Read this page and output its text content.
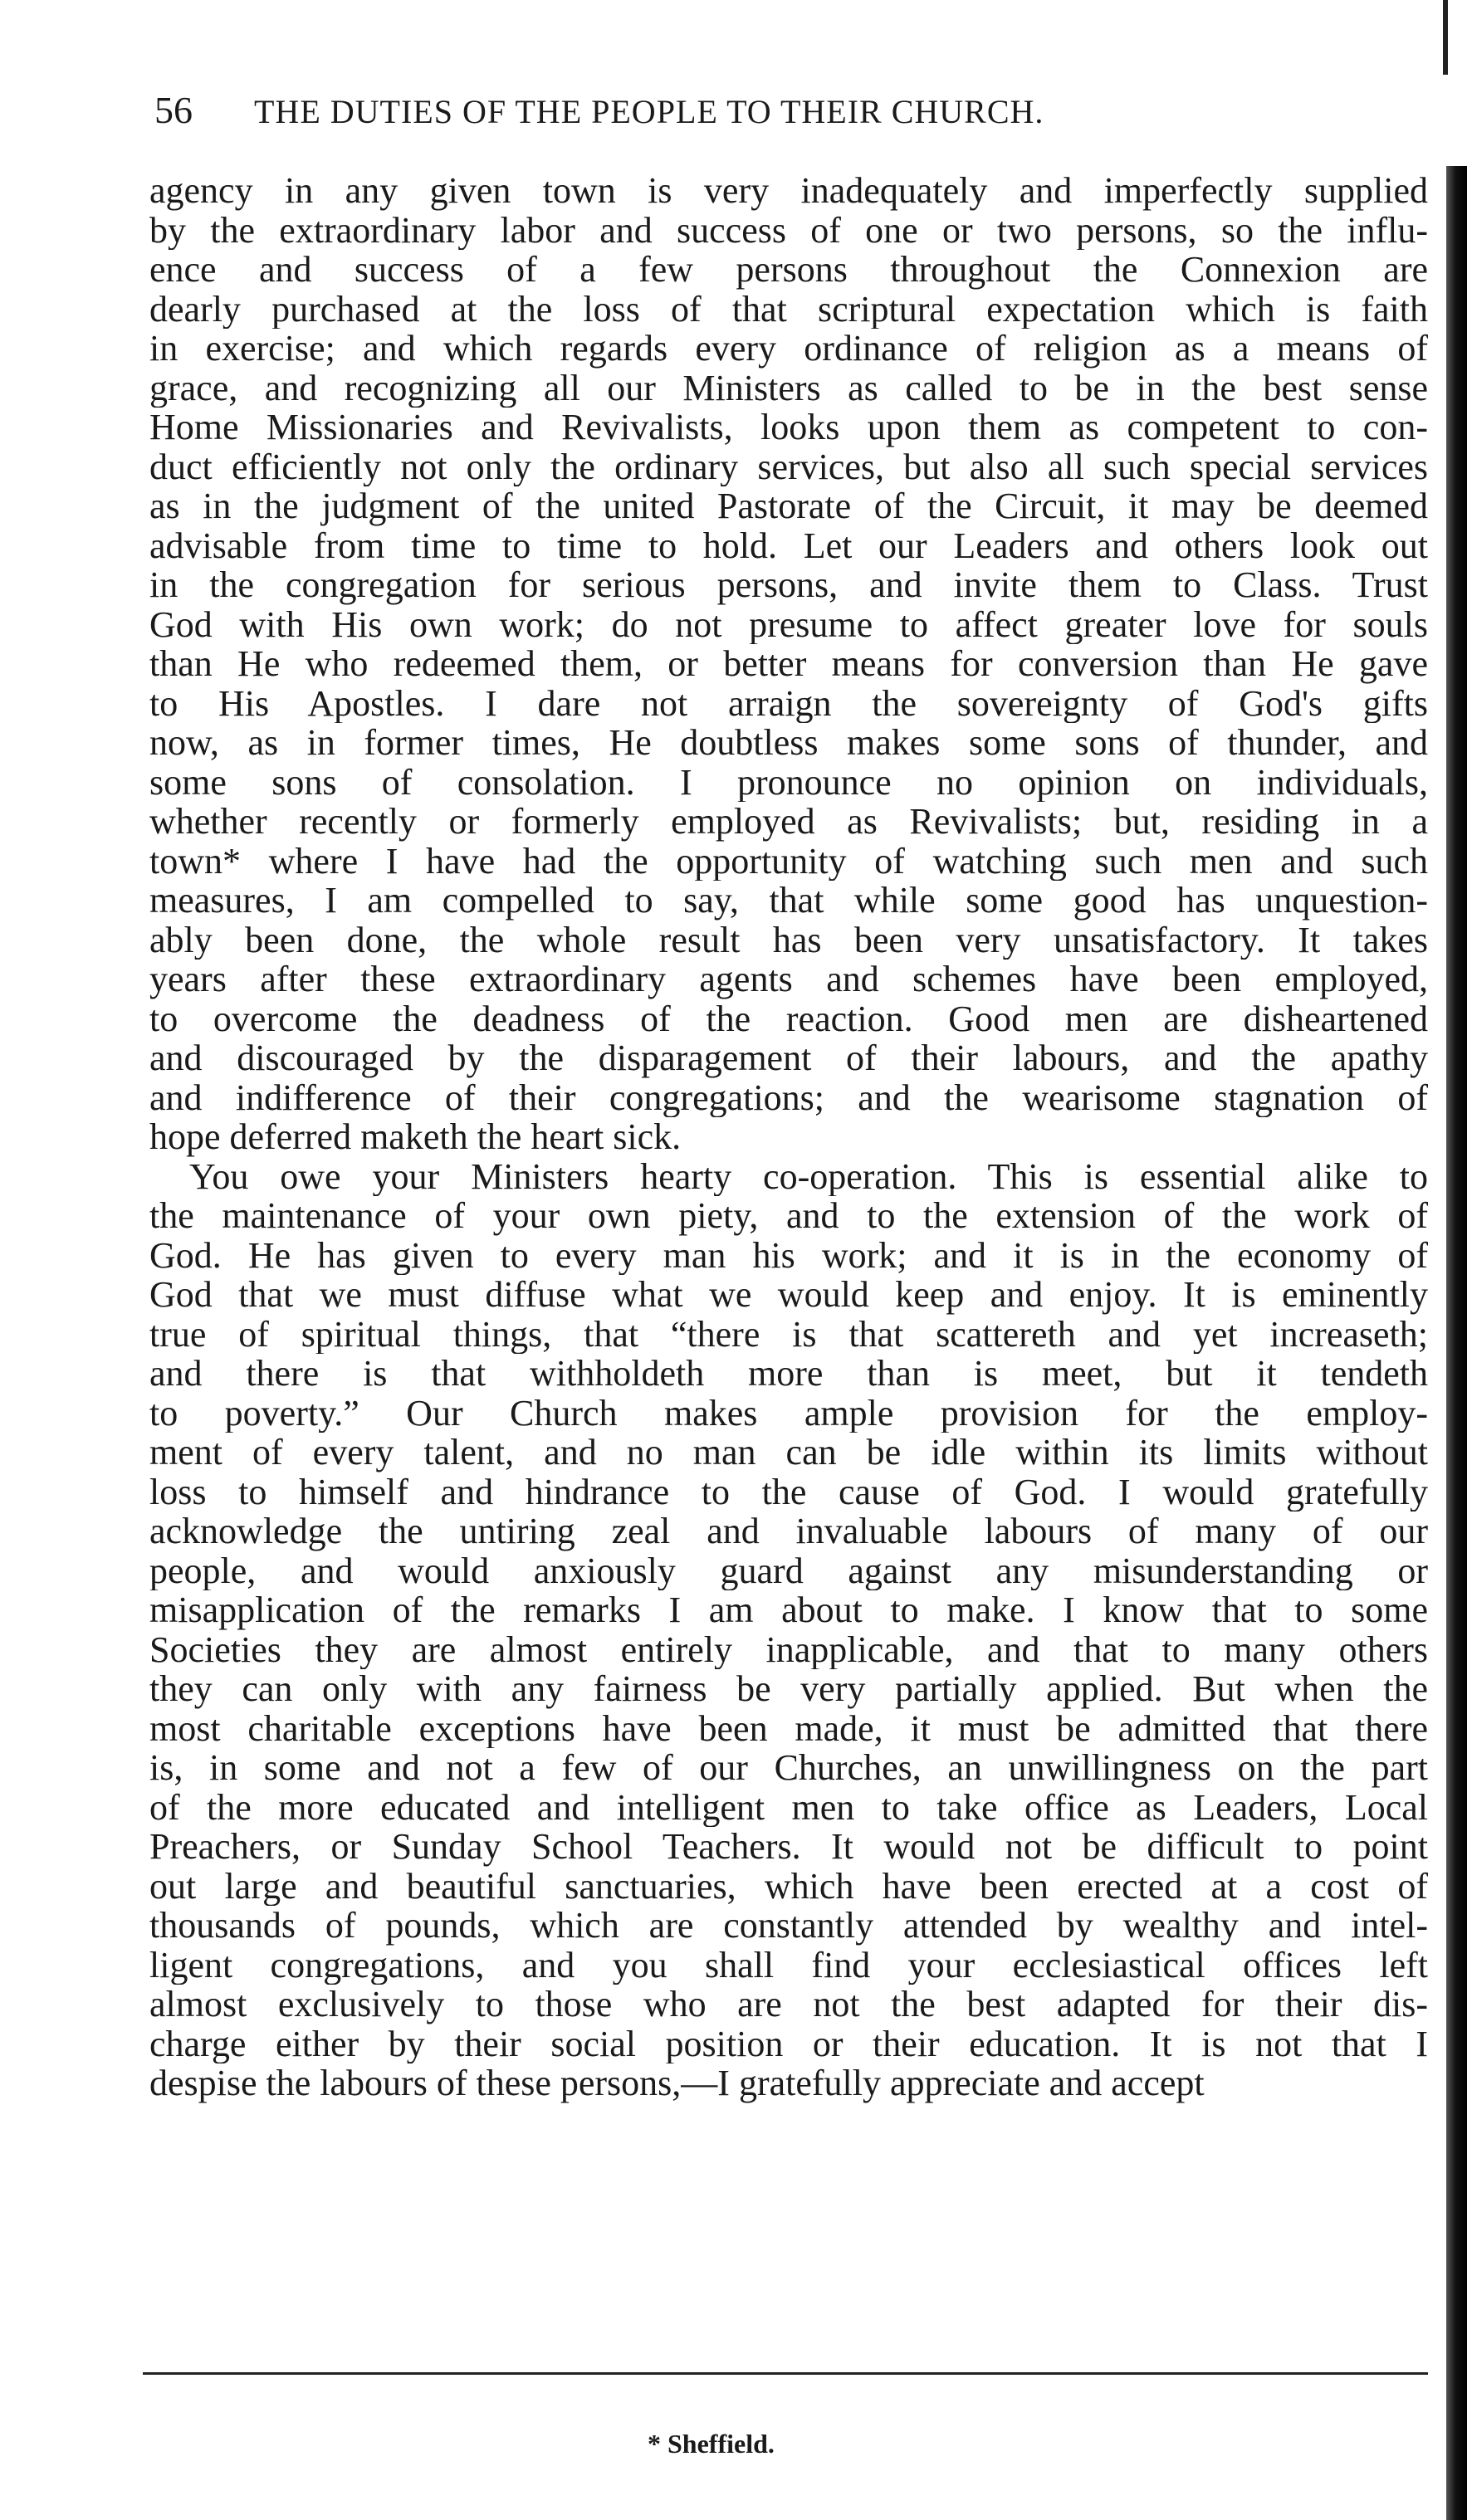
56	THE DUTIES OF THE PEOPLE TO THEIR CHURCH.
agency in any given town is very inadequately and imperfectly supplied
by the extraordinary labor and success of one or two persons, so the influ-
ence and success of a few persons throughout the Connexion are
dearly purchased at the loss of that scriptural expectation which is faith
in exercise; and which regards every ordinance of religion as a means of
grace, and recognizing all our Ministers as called to be in the best sense
Home Missionaries and Revivalists, looks upon them as competent to con-
duct efficiently not only the ordinary services, but also all such special services
as in the judgment of the united Pastorate of the Circuit, it may be deemed
advisable from time to time to hold. Let our Leaders and others look out
in the congregation for serious persons, and invite them to Class. Trust
God with His own work; do not presume to affect greater love for souls
than He who redeemed them, or better means for conversion than He gave
to His Apostles. I dare not arraign the sovereignty of God's gifts
now, as in former times, He doubtless makes some sons of thunder, and
some sons of consolation. I pronounce no opinion on individuals,
whether recently or formerly employed as Revivalists; but, residing in a
town* where I have had the opportunity of watching such men and such
measures, I am compelled to say, that while some good has unquestion-
ably been done, the whole result has been very unsatisfactory. It takes
years after these extraordinary agents and schemes have been employed,
to overcome the deadness of the reaction. Good men are disheartened
and discouraged by the disparagement of their labours, and the apathy
and indifference of their congregations; and the wearisome stagnation of
hope deferred maketh the heart sick.
You owe your Ministers hearty co-operation. This is essential alike to
the maintenance of your own piety, and to the extension of the work of
God. He has given to every man his work; and it is in the economy of
God that we must diffuse what we would keep and enjoy. It is eminently
true of spiritual things, that “there is that scattereth and yet increaseth;
and there is that withholdeth more than is meet, but it tendeth
to poverty.” Our Church makes ample provision for the employ-
ment of every talent, and no man can be idle within its limits without
loss to himself and hindrance to the cause of God. I would gratefully
acknowledge the untiring zeal and invaluable labours of many of our
people, and would anxiously guard against any misunderstanding or
misapplication of the remarks I am about to make. I know that to some
Societies they are almost entirely inapplicable, and that to many others
they can only with any fairness be very partially applied. But when the
most charitable exceptions have been made, it must be admitted that there
is, in some and not a few of our Churches, an unwillingness on the part
of the more educated and intelligent men to take office as Leaders, Local
Preachers, or Sunday School Teachers. It would not be difficult to point
out large and beautiful sanctuaries, which have been erected at a cost of
thousands of pounds, which are constantly attended by wealthy and intel-
ligent congregations, and you shall find your ecclesiastical offices left
almost exclusively to those who are not the best adapted for their dis-
charge either by their social position or their education. It is not that I
despise the labours of these persons,—I gratefully appreciate and accept
* Sheffield.
